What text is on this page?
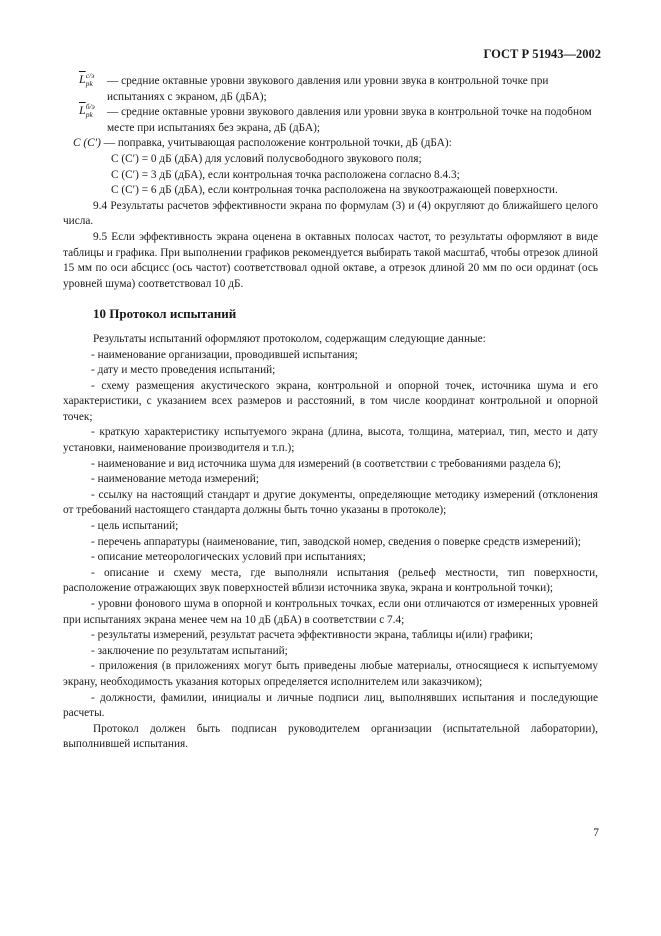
ГОСТ Р 51943—2002
$\overline{L}$ с/э
pk — средние октавные уровни звукового давления или уровни звука в контрольной точке при испытаниях с экраном, дБ (дБА);
$\overline{L}$ б/э
pk — средние октавные уровни звукового давления или уровни звука в контрольной точке на подобном месте при испытаниях без экрана, дБ (дБА);
C (C′) — поправка, учитывающая расположение контрольной точки, дБ (дБА):
C (C′) = 0 дБ (дБА) для условий полусвободного звукового поля;
C (C′) = 3 дБ (дБА), если контрольная точка расположена согласно 8.4.3;
C (C′) = 6 дБ (дБА), если контрольная точка расположена на звукоотражающей поверхности.
9.4 Результаты расчетов эффективности экрана по формулам (3) и (4) округляют до ближайшего целого числа.
9.5 Если эффективность экрана оценена в октавных полосах частот, то результаты оформляют в виде таблицы и графика. При выполнении графиков рекомендуется выбирать такой масштаб, чтобы отрезок длиной 15 мм по оси абсцисс (ось частот) соответствовал одной октаве, а отрезок длиной 20 мм по оси ординат (ось уровней шума) соответствовал 10 дБ.
10 Протокол испытаний
Результаты испытаний оформляют протоколом, содержащим следующие данные:
- наименование организации, проводившей испытания;
- дату и место проведения испытаний;
- схему размещения акустического экрана, контрольной и опорной точек, источника шума и его характеристики, с указанием всех размеров и расстояний, в том числе координат контрольной и опорной точек;
- краткую характеристику испытуемого экрана (длина, высота, толщина, материал, тип, место и дату установки, наименование производителя и т.п.);
- наименование и вид источника шума для измерений (в соответствии с требованиями раздела 6);
- наименование метода измерений;
- ссылку на настоящий стандарт и другие документы, определяющие методику измерений (отклонения от требований настоящего стандарта должны быть точно указаны в протоколе);
- цель испытаний;
- перечень аппаратуры (наименование, тип, заводской номер, сведения о поверке средств измерений);
- описание метеорологических условий при испытаниях;
- описание и схему места, где выполняли испытания (рельеф местности, тип поверхности, расположение отражающих звук поверхностей вблизи источника звука, экрана и контрольной точки);
- уровни фонового шума в опорной и контрольных точках, если они отличаются от измеренных уровней при испытаниях экрана менее чем на 10 дБ (дБА) в соответствии с 7.4;
- результаты измерений, результат расчета эффективности экрана, таблицы и(или) графики;
- заключение по результатам испытаний;
- приложения (в приложениях могут быть приведены любые материалы, относящиеся к испытуемому экрану, необходимость указания которых определяется исполнителем или заказчиком);
- должности, фамилии, инициалы и личные подписи лиц, выполнявших испытания и последующие расчеты.
Протокол должен быть подписан руководителем организации (испытательной лаборатории), выполнившей испытания.
7
